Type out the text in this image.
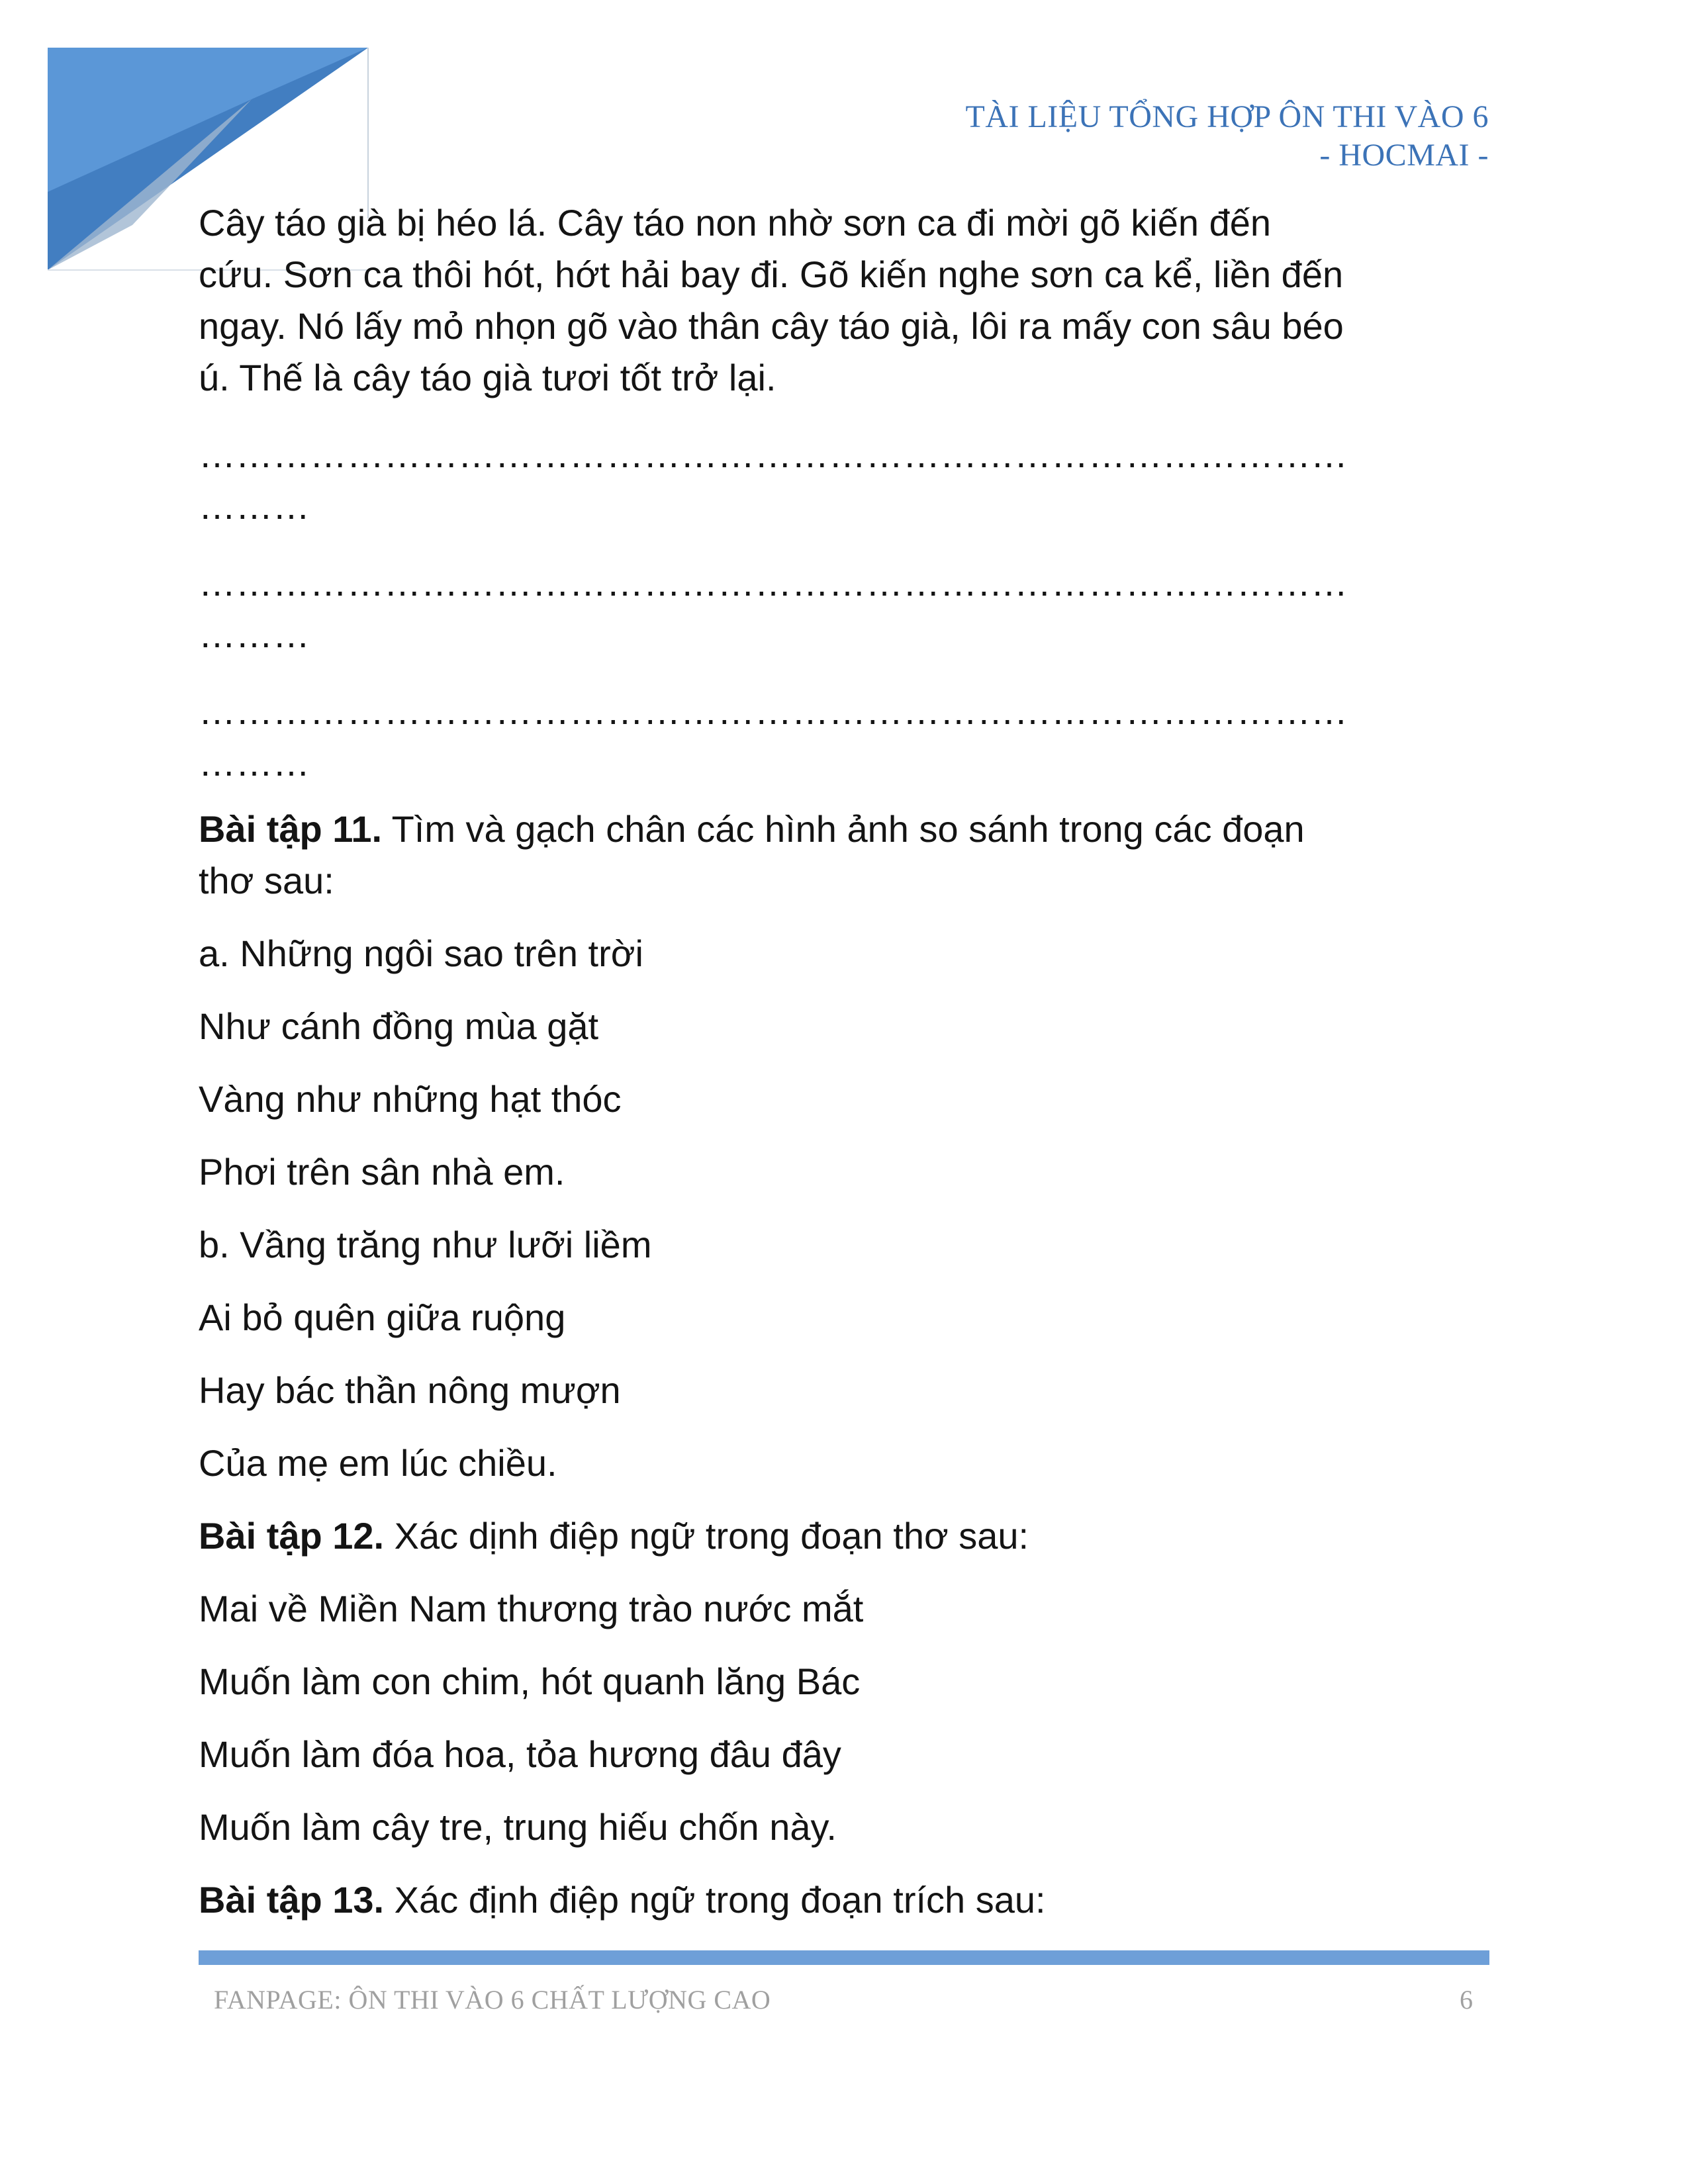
TÀI LIỆU TỔNG HỢP ÔN THI VÀO 6
- HOCMAI -

Cây táo già bị héo lá. Cây táo non nhờ sơn ca đi mời gõ kiến đến

cứu. Sơn ca thôi hót, hớt hải bay đi. Gõ kiến nghe sơn ca kể, liền đến

ngay. Nó lấy mỏ nhọn gõ vào thân cây táo già, lôi ra mấy con sâu béo

ú. Thế là cây táo già tươi tốt trở lại.

…………………………………………………………………………………
………
…………………………………………………………………………………
………
…………………………………………………………………………………
………
Bài tập 11. Tìm và gạch chân các hình ảnh so sánh trong các đoạn
thơ sau:
a. Những ngôi sao trên trời
Như cánh đồng mùa gặt
Vàng như những hạt thóc
Phơi trên sân nhà em.
b. Vầng trăng như lưỡi liềm
Ai bỏ quên giữa ruộng
Hay bác thần nông mượn
Của mẹ em lúc chiều.
Bài tập 12. Xác dịnh điệp ngữ trong đoạn thơ sau:
Mai về Miền Nam thương trào nước mắt
Muốn làm con chim, hót quanh lăng Bác
Muốn làm đóa hoa, tỏa hương đâu đây
Muốn làm cây tre, trung hiếu chốn này.
Bài tập 13. Xác định điệp ngữ trong đoạn trích sau:
FANPAGE: ÔN THI VÀO 6 CHẤT LƯỢNG CAO	6
